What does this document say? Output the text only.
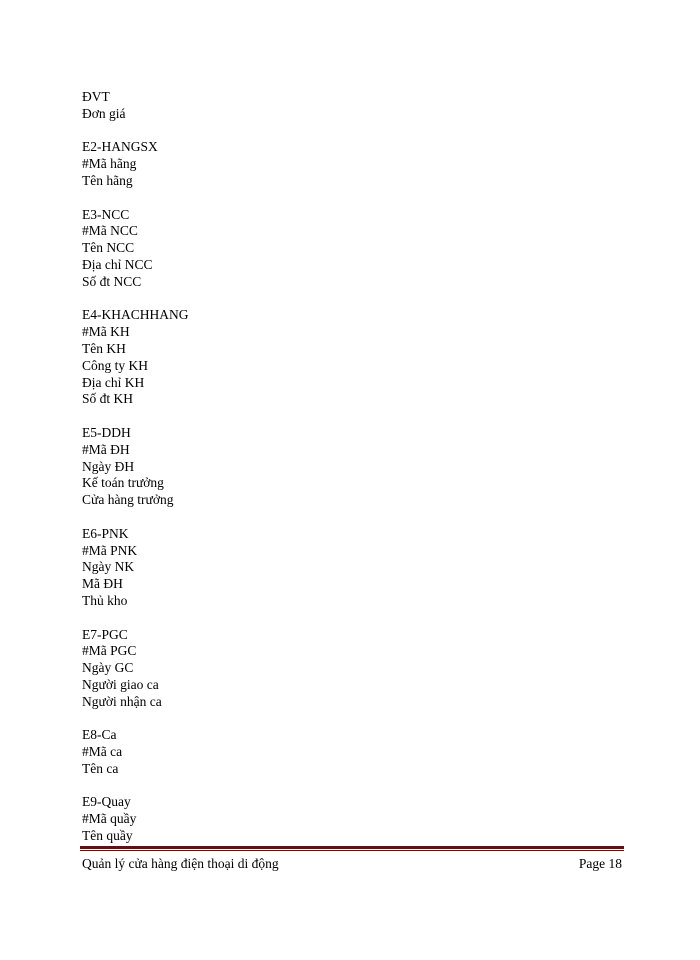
ĐVT
Đơn giá
E2-HANGSX
#Mã hãng
Tên hãng
E3-NCC
#Mã NCC
Tên NCC
Địa chỉ NCC
Số đt NCC
E4-KHACHHANG
#Mã KH
Tên KH
Công ty KH
Địa chỉ KH
Số đt KH
E5-DDH
#Mã ĐH
Ngày ĐH
Kế toán trưởng
Cửa hàng trưởng
E6-PNK
#Mã PNK
Ngày NK
Mã ĐH
Thủ kho
E7-PGC
#Mã PGC
Ngày GC
Người giao ca
Người nhận ca
E8-Ca
#Mã ca
Tên ca
E9-Quay
#Mã quầy
Tên quầy
Quản lý cửa hàng điện thoại di động	Page 18
